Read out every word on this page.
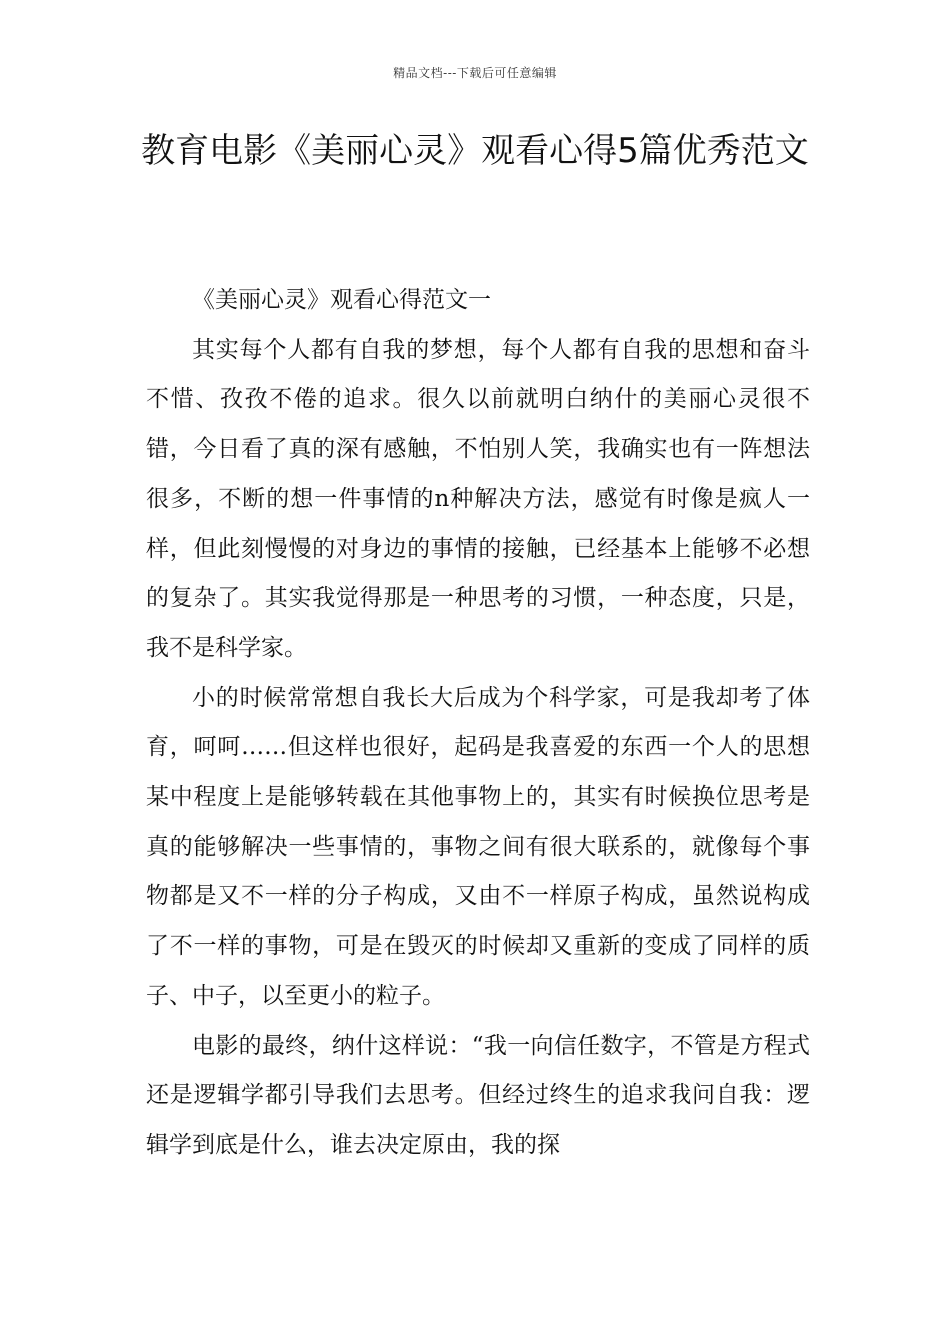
精品文档---下载后可任意编辑
教育电影《美丽心灵》观看心得5篇优秀范文

《美丽心灵》观看心得范文一

其实每个人都有自我的梦想，每个人都有自我的思想和奋斗不惜、孜孜不倦的追求。很久以前就明白纳什的美丽心灵很不错，今日看了真的深有感触，不怕别人笑，我确实也有一阵想法很多，不断的想一件事情的n种解决方法，感觉有时像是疯人一样，但此刻慢慢的对身边的事情的接触，已经基本上能够不必想的复杂了。其实我觉得那是一种思考的习惯，一种态度，只是，我不是科学家。

小的时候常常想自我长大后成为个科学家，可是我却考了体育，呵呵……但这样也很好，起码是我喜爱的东西一个人的思想某中程度上是能够转载在其他事物上的，其实有时候换位思考是真的能够解决一些事情的，事物之间有很大联系的，就像每个事物都是又不一样的分子构成，又由不一样原子构成，虽然说构成了不一样的事物，可是在毁灭的时候却又重新的变成了同样的质子、中子，以至更小的粒子。

电影的最终，纳什这样说：“我一向信任数字，不管是方程式还是逻辑学都引导我们去思考。但经过终生的追求我问自我：逻辑学到底是什么，谁去决定原由，我的探
